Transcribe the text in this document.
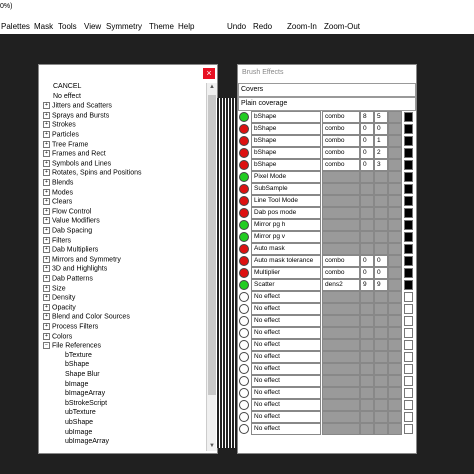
0%)
Palettes Mask Tools View Symmetry Theme Help	Undo Redo Zoom-In Zoom-Out
×
CANCEL
No effect
+ Jitters and Scatters
+ Sprays and Bursts
+ Strokes
+ Particles
+ Tree Frame
+ Frames and Rect
+ Symbols and Lines
+ Rotates, Spins and Positions
+ Blends
+ Modes
+ Clears
+ Flow Control
+ Value Modifiers
+ Dab Spacing
+ Filters
+ Dab Multipliers
+ Mirrors and Symmetry
+ 3D and Highlights
+ Dab Patterns
+ Size
+ Density
+ Opacity
+ Blend and Color Sources
+ Process Filters
+ Colors
− File References
bTexture
bShape
Shape Blur
bImage
bImageArray
bStrokeScript
ubTexture
ubShape
ubImage
ubImageArray
▲
▼
Brush Effects
Covers
Plain coverage
bShape	combo	8	5
bShape	combo	0	0
bShape	combo	0	1
bShape	combo	0	2
bShape	combo	0	3
Pixel Mode
SubSample
Line Tool Mode
Dab pos mode
Mirror pg h
Mirror pg v
Auto mask
Auto mask tolerance	combo	0	0
Multiplier	combo	0	0
Scatter	dens2	9	9
No effect
No effect
No effect
No effect
No effect
No effect
No effect
No effect
No effect
No effect
No effect
No effect
